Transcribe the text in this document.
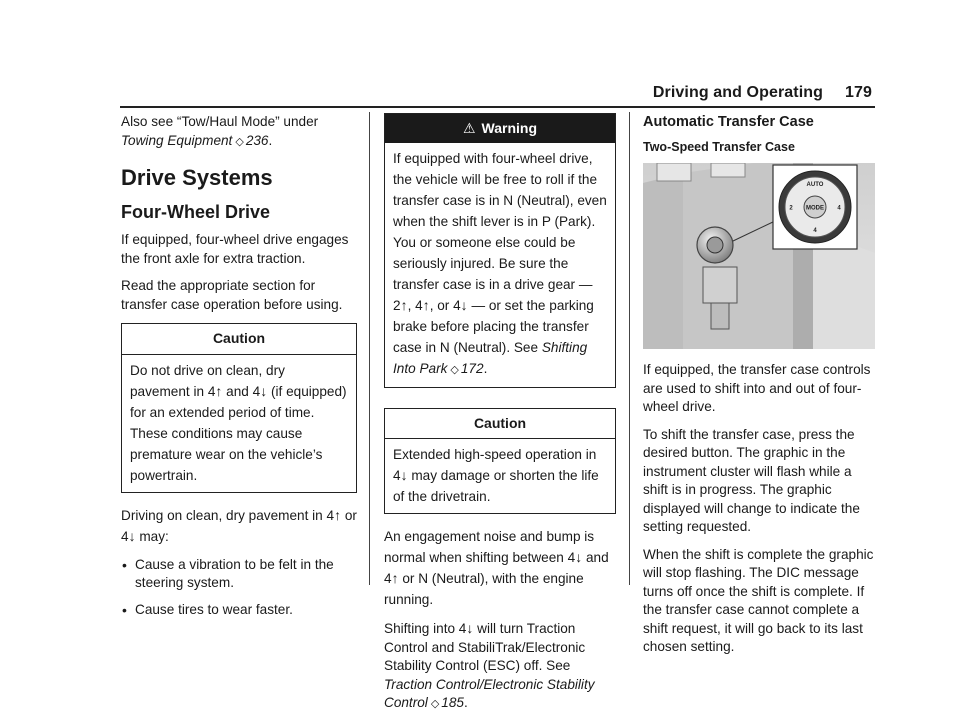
Driving and Operating 179

Also see “Tow/Haul Mode” under Towing Equipment ◇ 236.

Drive Systems
Four-Wheel Drive

If equipped, four-wheel drive engages the front axle for extra traction.

Read the appropriate section for transfer case operation before using.

Caution
Do not drive on clean, dry pavement in 4↑ and 4↓ (if equipped) for an extended period of time. These conditions may cause premature wear on the vehicle’s powertrain.

Driving on clean, dry pavement in 4↑ or 4↓ may:

• Cause a vibration to be felt in the steering system.
• Cause tires to wear faster.
⚠ Warning
If equipped with four-wheel drive, the vehicle will be free to roll if the transfer case is in N (Neutral), even when the shift lever is in P (Park). You or someone else could be seriously injured. Be sure the transfer case is in a drive gear — 2↑, 4↑, or 4↓ — or set the parking brake before placing the transfer case in N (Neutral). See Shifting Into Park ◇ 172.
Caution
Extended high-speed operation in 4↓ may damage or shorten the life of the drivetrain.

An engagement noise and bump is normal when shifting between 4↓ and 4↑ or N (Neutral), with the engine running.

Shifting into 4↓ will turn Traction Control and StabiliTrak/Electronic Stability Control (ESC) off. See Traction Control/Electronic Stability Control ◇ 185.

Automatic Transfer Case
Two-Speed Transfer Case
MODE
AUTO
2	4
4

If equipped, the transfer case controls are used to shift into and out of four-wheel drive.

To shift the transfer case, press the desired button. The graphic in the instrument cluster will flash while a shift is in progress. The graphic displayed will change to indicate the setting requested.

When the shift is complete the graphic will stop flashing. The DIC message turns off once the shift is complete. If the transfer case cannot complete a shift request, it will go back to its last chosen setting.
